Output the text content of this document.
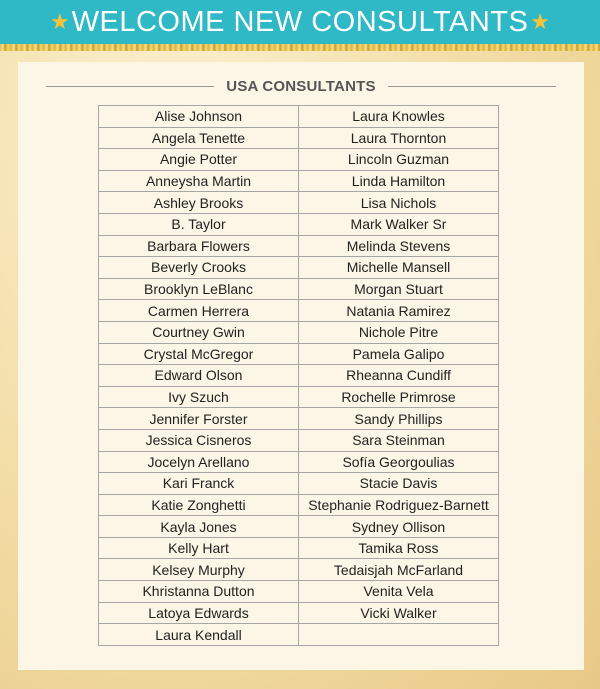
★ WELCOME NEW CONSULTANTS ★
USA CONSULTANTS
Alise Johnson	Laura Knowles
Angela Tenette	Laura Thornton
Angie Potter	Lincoln Guzman
Anneysha Martin	Linda Hamilton
Ashley Brooks	Lisa Nichols
B. Taylor	Mark Walker Sr
Barbara Flowers	Melinda Stevens
Beverly Crooks	Michelle Mansell
Brooklyn LeBlanc	Morgan Stuart
Carmen Herrera	Natania Ramirez
Courtney Gwin	Nichole Pitre
Crystal McGregor	Pamela Galipo
Edward Olson	Rheanna Cundiff
Ivy Szuch	Rochelle Primrose
Jennifer Forster	Sandy Phillips
Jessica Cisneros	Sara Steinman
Jocelyn Arellano	Sofía Georgoulias
Kari Franck	Stacie Davis
Katie Zonghetti	Stephanie Rodriguez-Barnett
Kayla Jones	Sydney Ollison
Kelly Hart	Tamika Ross
Kelsey Murphy	Tedaisjah McFarland
Khristanna Dutton	Venita Vela
Latoya Edwards	Vicki Walker
Laura Kendall	
